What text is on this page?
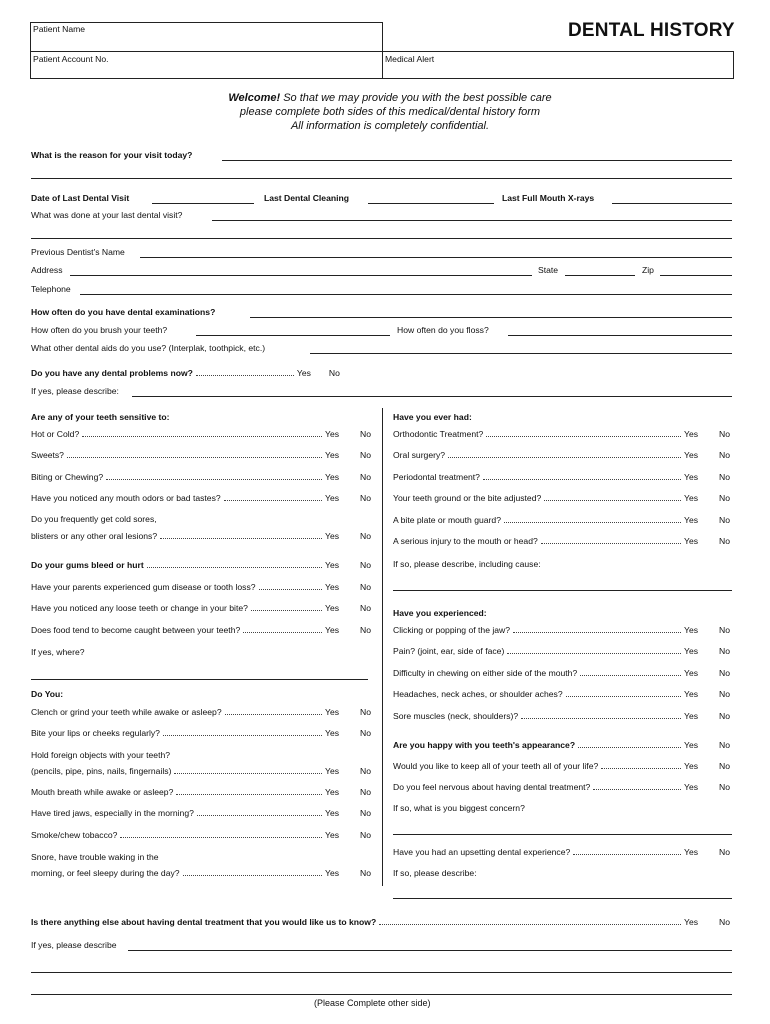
Patient Name
Patient Account No.	Medical Alert
DENTAL HISTORY
Welcome! So that we may provide you with the best possible care
please complete both sides of this medical/dental history form
All information is completely confidential.
What is the reason for your visit today?
Date of Last Dental Visit	Last Dental Cleaning	Last Full Mouth X-rays
What was done at your last dental visit?
Previous Dentist's Name
Address	State	Zip
Telephone
How often do you have dental examinations?
How often do you brush your teeth?	How often do you floss?
What other dental aids do you use? (Interplak, toothpick, etc.)
Do you have any dental problems now?	Yes	No
If yes, please describe:
Are any of your teeth sensitive to:
Hot or Cold?	Yes	No
Sweets?	Yes	No
Biting or Chewing?	Yes	No
Have you noticed any mouth odors or bad tastes?	Yes	No
Do you frequently get cold sores,
blisters or any other oral lesions?	Yes	No
Do your gums bleed or hurt	Yes	No
Have your parents experienced gum disease or tooth loss?	Yes	No
Have you noticed any loose teeth or change in your bite?	Yes	No
Does food tend to become caught between your teeth?	Yes	No
If yes, where?
Do You:
Clench or grind your teeth while awake or asleep?	Yes	No
Bite your lips or cheeks regularly?	Yes	No
Hold foreign objects with your teeth?
(pencils, pipe, pins, nails, fingernails)	Yes	No
Mouth breath while awake or asleep?	Yes	No
Have tired jaws, especially in the morning?	Yes	No
Smoke/chew tobacco?	Yes	No
Snore, have trouble waking in the
morning, or feel sleepy during the day?	Yes	No
Have you ever had:
Orthodontic Treatment?	Yes	No
Oral surgery?	Yes	No
Periodontal treatment?	Yes	No
Your teeth ground or the bite adjusted?	Yes	No
A bite plate or mouth guard?	Yes	No
A serious injury to the mouth or head?	Yes	No
If so, please describe, including cause:
Have you experienced:
Clicking or popping of the jaw?	Yes	No
Pain? (joint, ear, side of face)	Yes	No
Difficulty in chewing on either side of the mouth?	Yes	No
Headaches, neck aches, or shoulder aches?	Yes	No
Sore muscles (neck, shoulders)?	Yes	No
Are you happy with you teeth's appearance?	Yes	No
Would you like to keep all of your teeth all of your life?	Yes	No
Do you feel nervous about having dental treatment?	Yes	No
If so, what is you biggest concern?
Have you had an upsetting dental experience?	Yes	No
If so, please describe:
Is there anything else about having dental treatment that you would like us to know?	Yes	No
If yes, please describe
(Please Complete other side)
